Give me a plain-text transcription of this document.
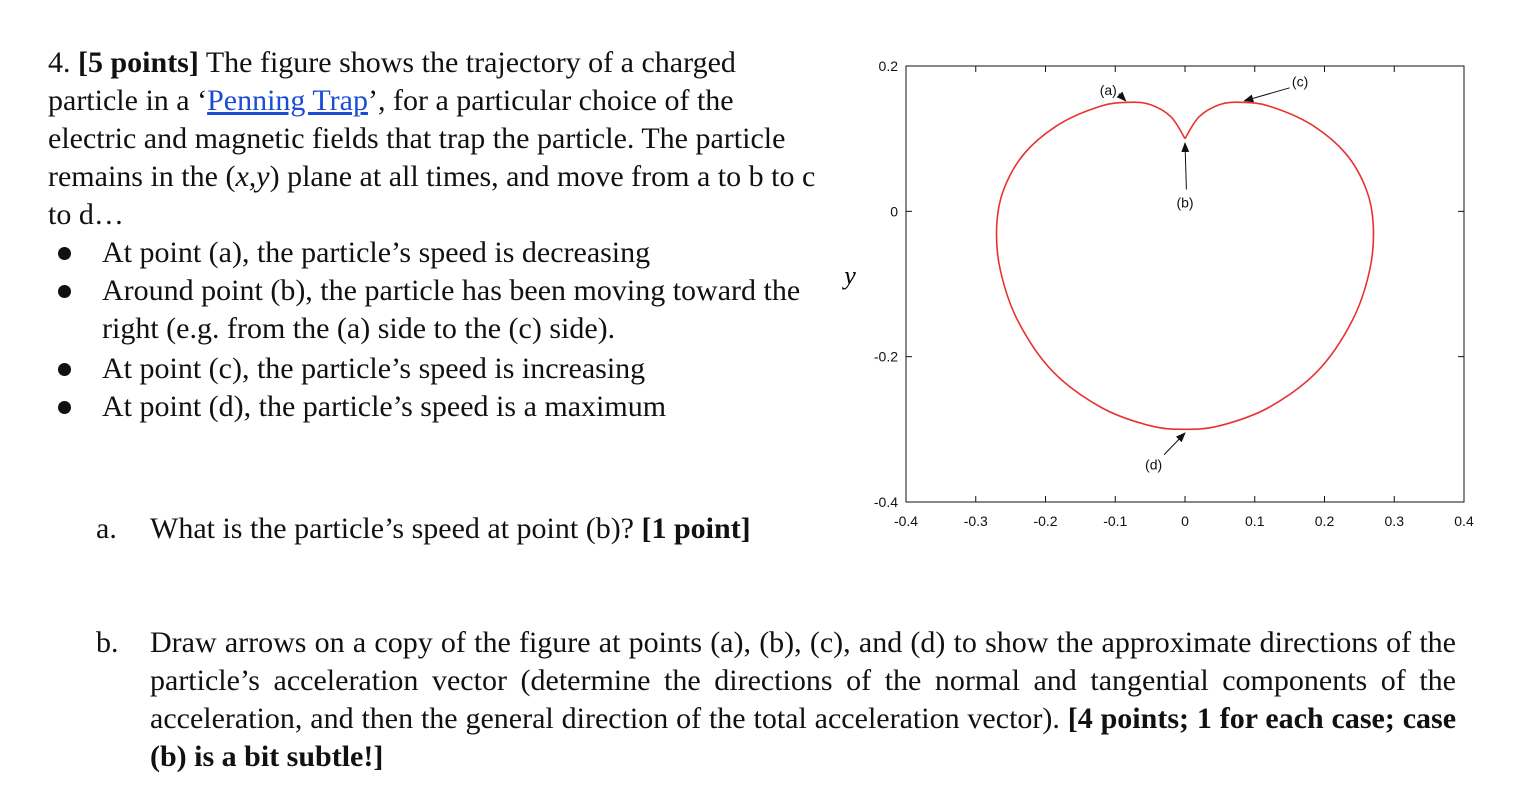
4. [5 points] The figure shows the trajectory of a charged particle in a ‘Penning Trap’, for a particular choice of the electric and magnetic fields that trap the particle. The particle remains in the (x,y) plane at all times, and move from a to b to c to d…

At point (a), the particle’s speed is decreasing
Around point (b), the particle has been moving toward the right (e.g. from the (a) side to the (c) side).
At point (c), the particle’s speed is increasing
At point (d), the particle’s speed is a maximum
a. What is the particle’s speed at point (b)? [1 point]
b. Draw arrows on a copy of the figure at points (a), (b), (c), and (d) to show the approximate directions of the particle’s acceleration vector (determine the directions of the normal and tangential components of the acceleration, and then the general direction of the total acceleration vector). [4 points; 1 for each case; case (b) is a bit subtle!]
-0.4	-0.3	-0.2	-0.1	0	0.1	0.2	0.3	0.4
-0.4
-0.2
0
0.2
(a)
(c)
(b)
(d)
y
